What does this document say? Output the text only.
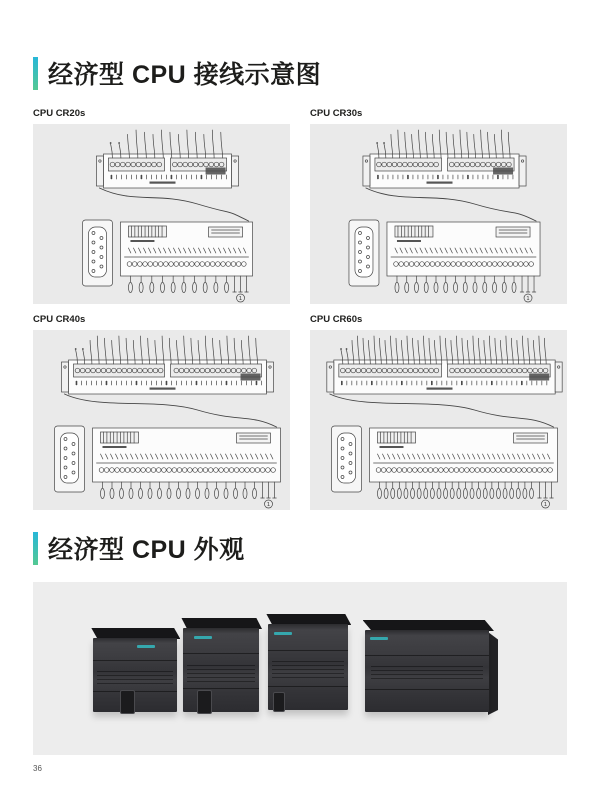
经济型 CPU 接线示意图
CPU CR20s	CPU CR30s
CPU CR40s	CPU CR60s
1	1
1	1
经济型 CPU 外观
36
